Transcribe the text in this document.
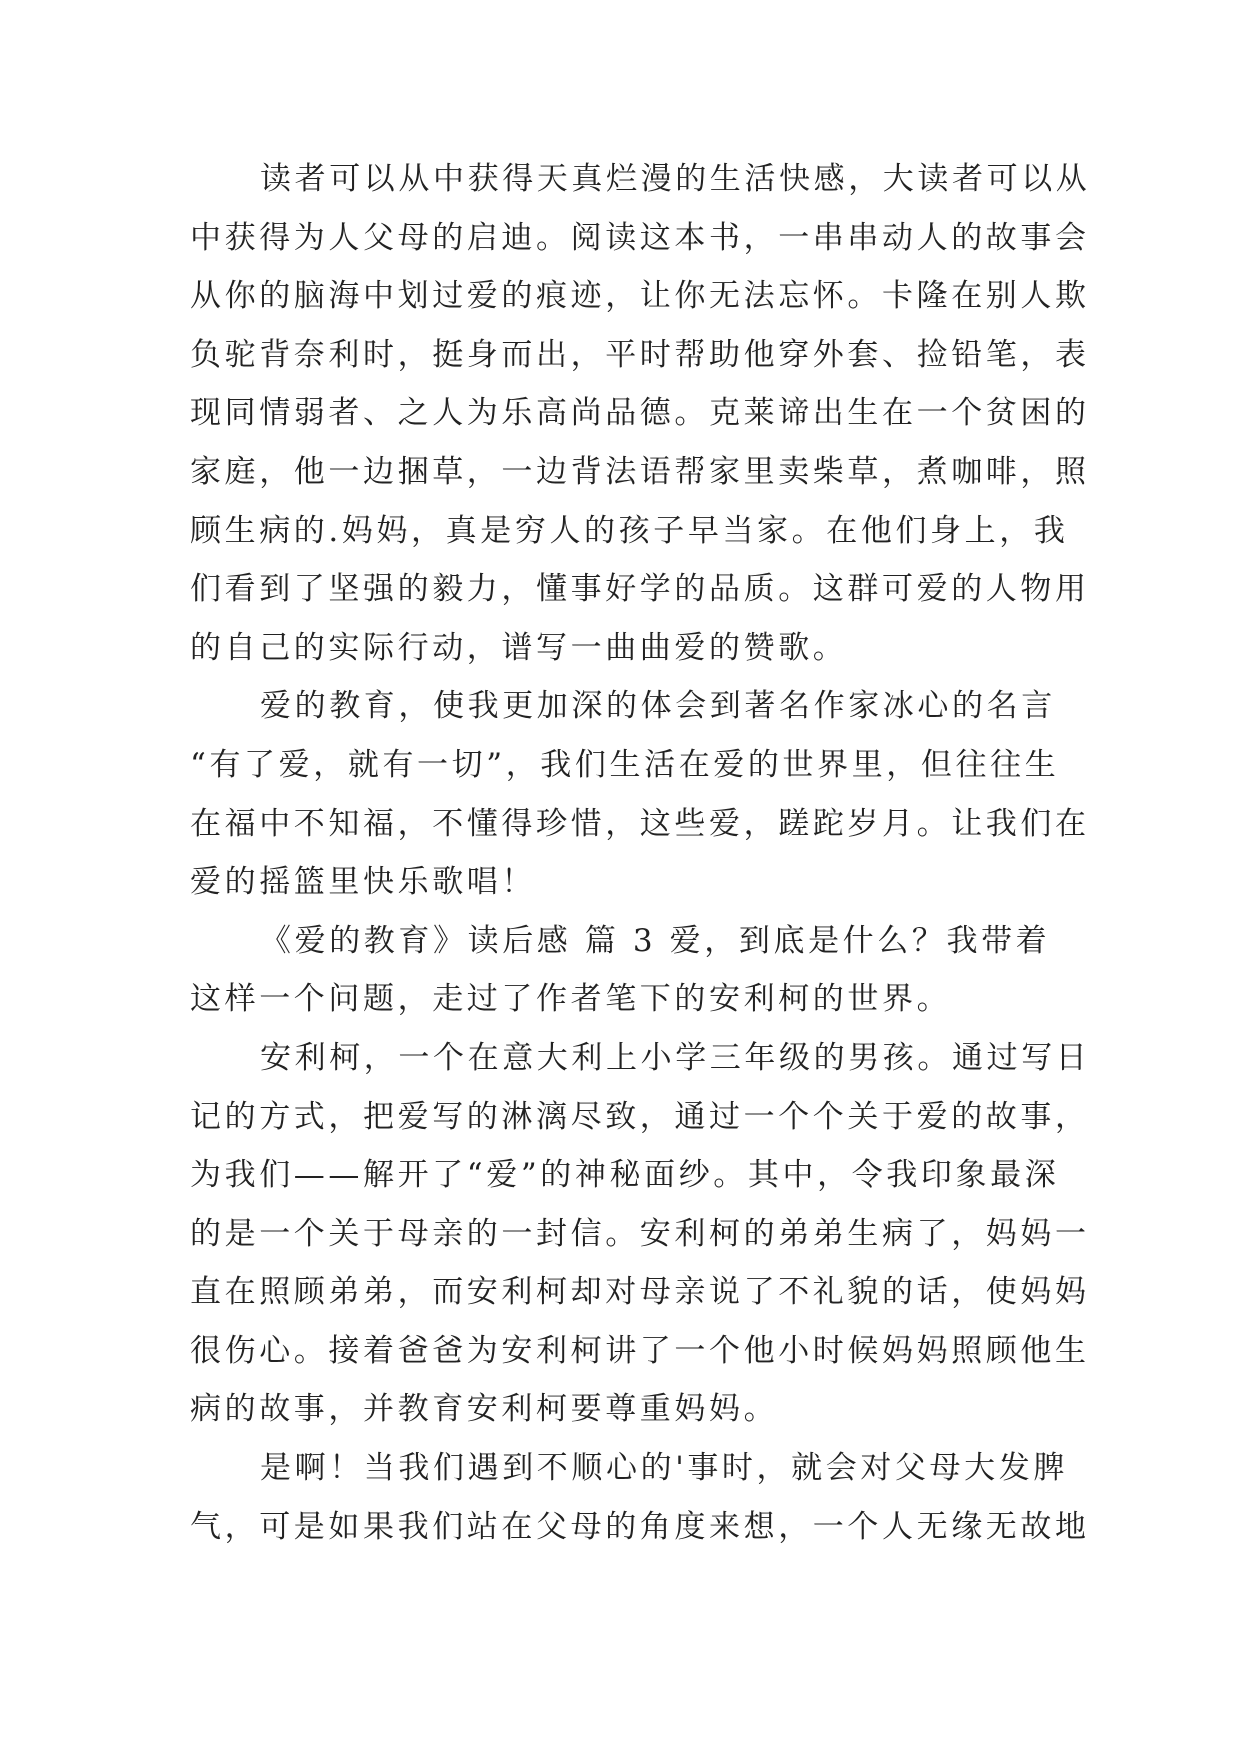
读者可以从中获得天真烂漫的生活快感，大读者可以从
中获得为人父母的启迪。阅读这本书，一串串动人的故事会
从你的脑海中划过爱的痕迹，让你无法忘怀。卡隆在别人欺
负驼背奈利时，挺身而出，平时帮助他穿外套、捡铅笔，表
现同情弱者、之人为乐高尚品德。克莱谛出生在一个贫困的
家庭，他一边捆草，一边背法语帮家里卖柴草，煮咖啡，照
顾生病的.妈妈，真是穷人的孩子早当家。在他们身上，我
们看到了坚强的毅力，懂事好学的品质。这群可爱的人物用
的自己的实际行动，谱写一曲曲爱的赞歌。
爱的教育，使我更加深的体会到著名作家冰心的名言
“有了爱，就有一切”，我们生活在爱的世界里，但往往生
在福中不知福，不懂得珍惜，这些爱，蹉跎岁月。让我们在
爱的摇篮里快乐歌唱！
《爱的教育》读后感 篇 3 爱，到底是什么？我带着
这样一个问题，走过了作者笔下的安利柯的世界。
安利柯，一个在意大利上小学三年级的男孩。通过写日
记的方式，把爱写的淋漓尽致，通过一个个关于爱的故事，
为我们——解开了“爱”的神秘面纱。其中，令我印象最深
的是一个关于母亲的一封信。安利柯的弟弟生病了，妈妈一
直在照顾弟弟，而安利柯却对母亲说了不礼貌的话，使妈妈
很伤心。接着爸爸为安利柯讲了一个他小时候妈妈照顾他生
病的故事，并教育安利柯要尊重妈妈。
是啊！当我们遇到不顺心的'事时，就会对父母大发脾
气，可是如果我们站在父母的角度来想，一个人无缘无故地
